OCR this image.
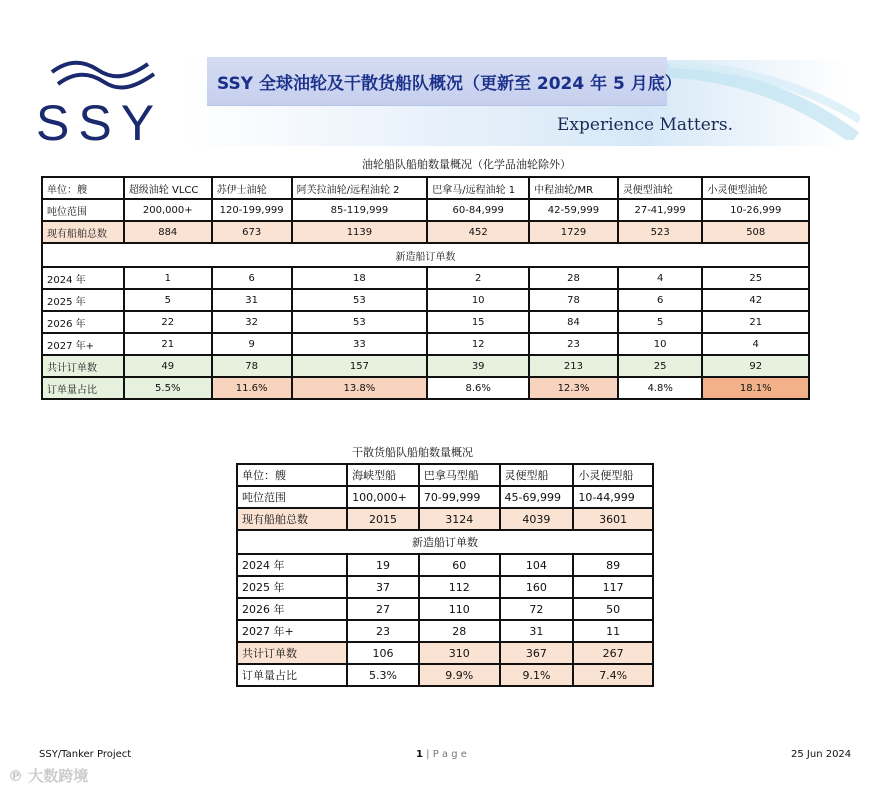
SSY
SSY 全球油轮及干散货船队概况（更新至 2024 年 5 月底）
Experience Matters.
油轮船队船舶数量概况（化学品油轮除外）
单位：艘	超级油轮 VLCC	苏伊士油轮	阿芙拉油轮/远程油轮 2	巴拿马/远程油轮 1	中程油轮/MR	灵便型油轮	小灵便型油轮
吨位范围	200,000+	120-199,999	85-119,999	60-84,999	42-59,999	27-41,999	10-26,999
现有船舶总数	884	673	1139	452	1729	523	508
新造船订单数							
2024 年	1	6	18	2	28	4	25
2025 年	5	31	53	10	78	6	42
2026 年	22	32	53	15	84	5	21
2027 年+	21	9	33	12	23	10	4
共计订单数	49	78	157	39	213	25	92
订单量占比	5.5%	11.6%	13.8%	8.6%	12.3%	4.8%	18.1%
干散货船队船舶数量概况
单位：艘	海峡型船	巴拿马型船	灵便型船	小灵便型船
吨位范围	100,000+	70-99,999	45-69,999	10-44,999
现有船舶总数	2015	3124	4039	3601
新造船订单数				
2024 年	19	60	104	89
2025 年	37	112	160	117
2026 年	27	110	72	50
2027 年+	23	28	31	11
共计订单数	106	310	367	267
订单量占比	5.3%	9.9%	9.1%	7.4%
SSY/Tanker Project	1 | P a g e	25 Jun 2024
℗ 大数跨境
